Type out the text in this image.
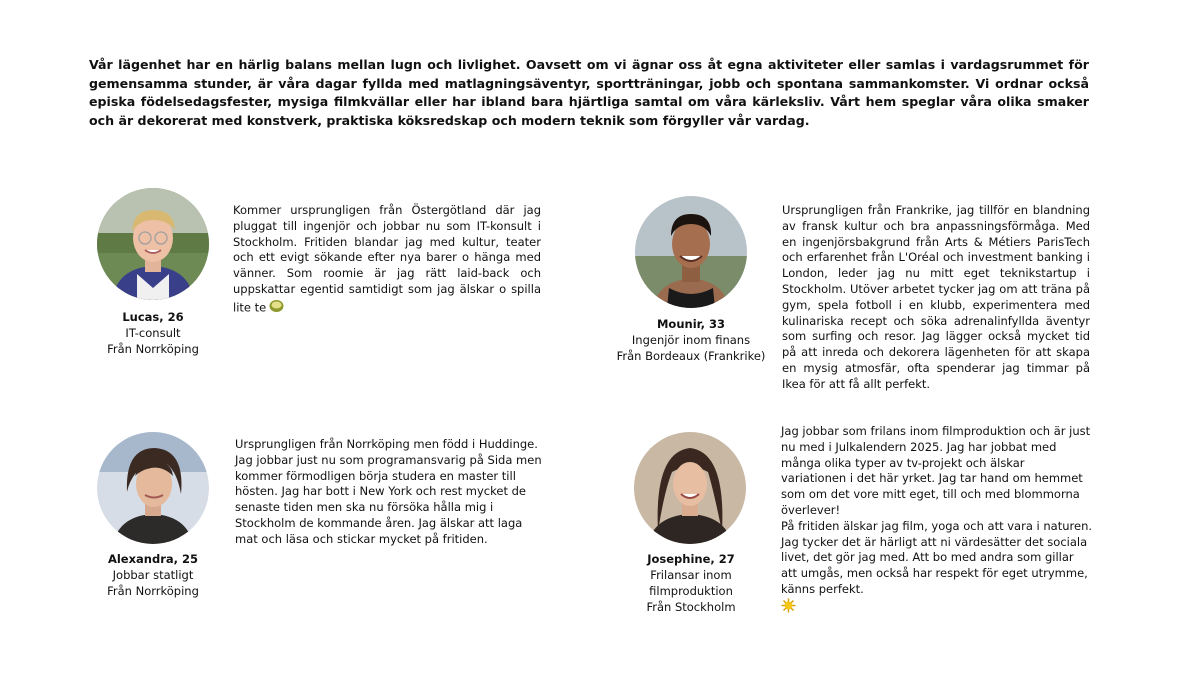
Vår lägenhet har en härlig balans mellan lugn och livlighet. Oavsett om vi ägnar oss åt egna aktiviteter eller samlas i vardagsrummet för gemensamma stunder, är våra dagar fyllda med matlagningsäventyr, sportträningar, jobb och spontana sammankomster. Vi ordnar också episka födelsedagsfester, mysiga filmkvällar eller har ibland bara hjärtliga samtal om våra kärleksliv. Vårt hem speglar våra olika smaker och är dekorerat med konstverk, praktiska köksredskap och modern teknik som förgyller vår vardag.
Lucas, 26
IT-consult
Från Norrköping
Kommer ursprungligen från Östergötland där jag pluggat till ingenjör och jobbar nu som IT-konsult i Stockholm. Fritiden blandar jag med kultur, teater och ett evigt sökande efter nya barer o hänga med vänner. Som roomie är jag rätt laid-back och uppskattar egentid samtidigt som jag älskar o spilla lite te
Mounir, 33
Ingenjör inom finans
Från Bordeaux (Frankrike)
Ursprungligen från Frankrike, jag tillför en blandning av fransk kultur och bra anpassningsförmåga. Med en ingenjörsbakgrund från Arts & Métiers ParisTech och erfarenhet från L'Oréal och investment banking i London, leder jag nu mitt eget teknikstartup i Stockholm. Utöver arbetet tycker jag om att träna på gym, spela fotboll i en klubb, experimentera med kulinariska recept och söka adrenalinfyllda äventyr som surfing och resor. Jag lägger också mycket tid på att inreda och dekorera lägenheten för att skapa en mysig atmosfär, ofta spenderar jag timmar på Ikea för att få allt perfekt.
Alexandra, 25
Jobbar statligt
Från Norrköping
Ursprungligen från Norrköping men född i Huddinge. Jag jobbar just nu som programansvarig på Sida men kommer förmodligen börja studera en master till hösten. Jag har bott i New York och rest mycket de senaste tiden men ska nu försöka hålla mig i Stockholm de kommande åren. Jag älskar att laga mat och läsa och stickar mycket på fritiden.
Josephine, 27
Frilansar inom filmproduktion
Från Stockholm

Jag jobbar som frilans inom filmproduktion och är just nu med i Julkalendern 2025. Jag har jobbat med många olika typer av tv-projekt och älskar variationen i det här yrket. Jag tar hand om hemmet som om det vore mitt eget, till och med blommorna överlever!

På fritiden älskar jag film, yoga och att vara i naturen. Jag tycker det är härligt att ni värdesätter det sociala livet, det gör jag med. Att bo med andra som gillar att umgås, men också har respekt för eget utrymme, känns perfekt.
